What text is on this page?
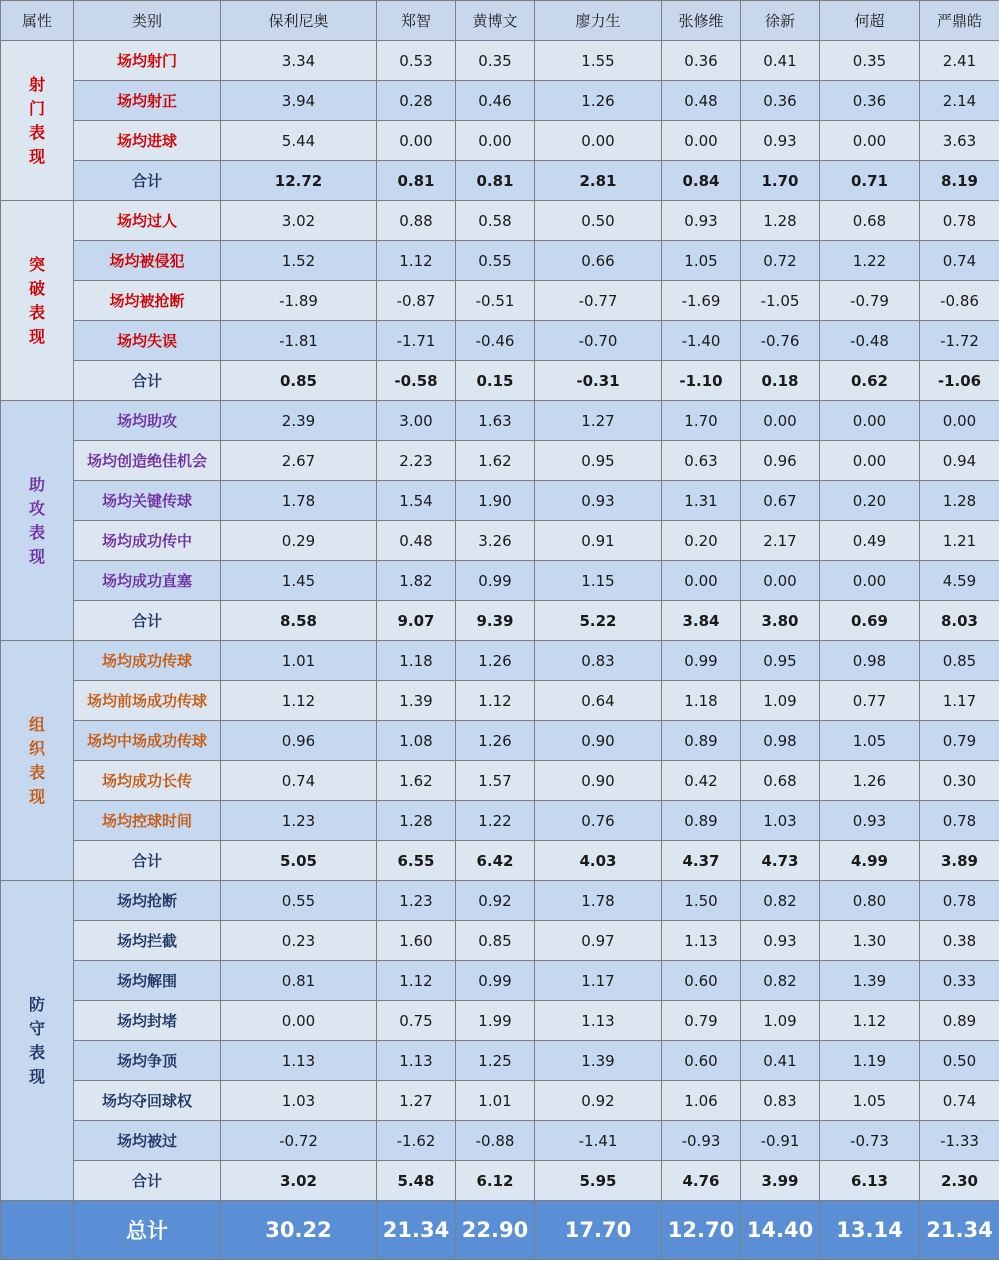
属性	类别	保利尼奥	郑智	黄博文	廖力生	张修维	徐新	何超	严鼎皓
射门表现	场均射门	3.34	0.53	0.35	1.55	0.36	0.41	0.35	2.41
	场均射正	3.94	0.28	0.46	1.26	0.48	0.36	0.36	2.14
	场均进球	5.44	0.00	0.00	0.00	0.00	0.93	0.00	3.63
	合计	12.72	0.81	0.81	2.81	0.84	1.70	0.71	8.19
突破表现	场均过人	3.02	0.88	0.58	0.50	0.93	1.28	0.68	0.78
	场均被侵犯	1.52	1.12	0.55	0.66	1.05	0.72	1.22	0.74
	场均被抢断	-1.89	-0.87	-0.51	-0.77	-1.69	-1.05	-0.79	-0.86
	场均失误	-1.81	-1.71	-0.46	-0.70	-1.40	-0.76	-0.48	-1.72
	合计	0.85	-0.58	0.15	-0.31	-1.10	0.18	0.62	-1.06
助攻表现	场均助攻	2.39	3.00	1.63	1.27	1.70	0.00	0.00	0.00
	场均创造绝佳机会	2.67	2.23	1.62	0.95	0.63	0.96	0.00	0.94
	场均关键传球	1.78	1.54	1.90	0.93	1.31	0.67	0.20	1.28
	场均成功传中	0.29	0.48	3.26	0.91	0.20	2.17	0.49	1.21
	场均成功直塞	1.45	1.82	0.99	1.15	0.00	0.00	0.00	4.59
	合计	8.58	9.07	9.39	5.22	3.84	3.80	0.69	8.03
组织表现	场均成功传球	1.01	1.18	1.26	0.83	0.99	0.95	0.98	0.85
	场均前场成功传球	1.12	1.39	1.12	0.64	1.18	1.09	0.77	1.17
	场均中场成功传球	0.96	1.08	1.26	0.90	0.89	0.98	1.05	0.79
	场均成功长传	0.74	1.62	1.57	0.90	0.42	0.68	1.26	0.30
	场均控球时间	1.23	1.28	1.22	0.76	0.89	1.03	0.93	0.78
	合计	5.05	6.55	6.42	4.03	4.37	4.73	4.99	3.89
防守表现	场均抢断	0.55	1.23	0.92	1.78	1.50	0.82	0.80	0.78
	场均拦截	0.23	1.60	0.85	0.97	1.13	0.93	1.30	0.38
	场均解围	0.81	1.12	0.99	1.17	0.60	0.82	1.39	0.33
	场均封堵	0.00	0.75	1.99	1.13	0.79	1.09	1.12	0.89
	场均争顶	1.13	1.13	1.25	1.39	0.60	0.41	1.19	0.50
	场均夺回球权	1.03	1.27	1.01	0.92	1.06	0.83	1.05	0.74
	场均被过	-0.72	-1.62	-0.88	-1.41	-0.93	-0.91	-0.73	-1.33
	合计	3.02	5.48	6.12	5.95	4.76	3.99	6.13	2.30
	总计	30.22	21.34	22.90	17.70	12.70	14.40	13.14	21.34
